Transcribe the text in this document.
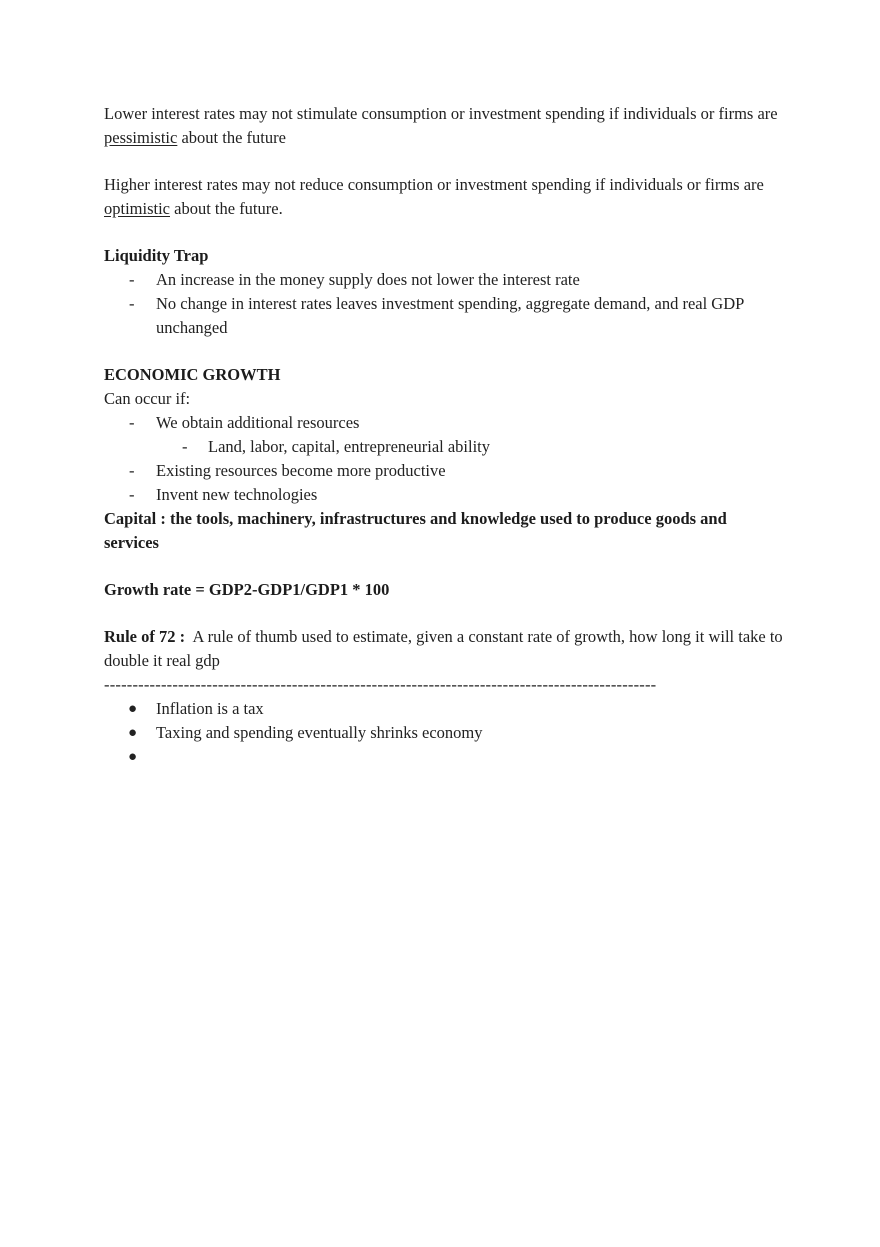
Lower interest rates may not stimulate consumption or investment spending if individuals or firms are pessimistic about the future

Higher interest rates may not reduce consumption or investment spending if individuals or firms are optimistic about the future.

Liquidity Trap

- An increase in the money supply does not lower the interest rate
- No change in interest rates leaves investment spending, aggregate demand, and real GDP unchanged

ECONOMIC GROWTH

Can occur if:

- We obtain additional resources
- Land, labor, capital, entrepreneurial ability
- Existing resources become more productive
- Invent new technologies

Capital : the tools, machinery, infrastructures and knowledge used to produce goods and services

Growth rate = GDP2-GDP1/GDP1 * 100

Rule of 72 :  A rule of thumb used to estimate, given a constant rate of growth, how long it will take to double it real gdp

-------------------------------------------------------------------------------------------------

● Inflation is a tax
● Taxing and spending eventually shrinks economy
●
